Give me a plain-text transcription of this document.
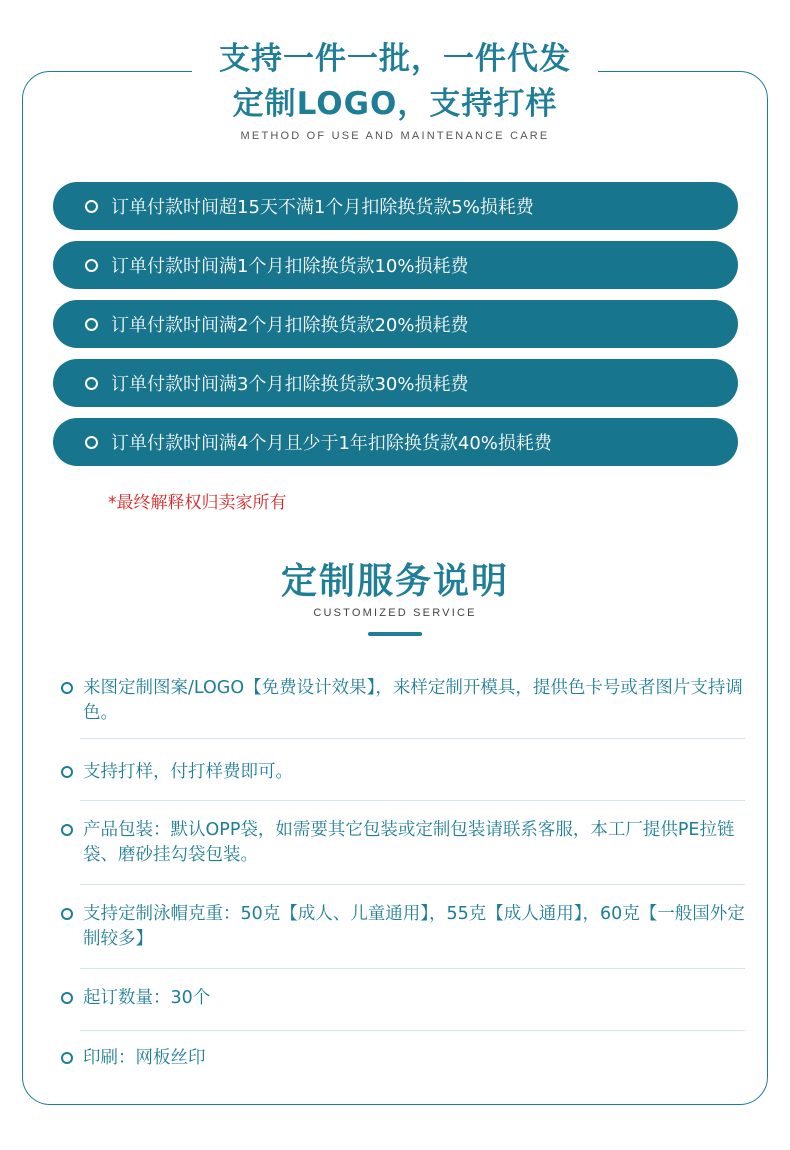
支持一件一批，一件代发
定制LOGO，支持打样
METHOD OF USE AND MAINTENANCE CARE
订单付款时间超15天不满1个月扣除换货款5%损耗费
订单付款时间满1个月扣除换货款10%损耗费
订单付款时间满2个月扣除换货款20%损耗费
订单付款时间满3个月扣除换货款30%损耗费
订单付款时间满4个月且少于1年扣除换货款40%损耗费
*最终解释权归卖家所有
定制服务说明
CUSTOMIZED SERVICE
来图定制图案/LOGO【免费设计效果】，来样定制开模具，提供色卡号或者图片支持调色。
支持打样，付打样费即可。
产品包装：默认OPP袋，如需要其它包装或定制包装请联系客服，本工厂提供PE拉链袋、磨砂挂勾袋包装。
支持定制泳帽克重：50克【成人、儿童通用】，55克【成人通用】，60克【一般国外定制较多】
起订数量：30个
印刷：网板丝印
